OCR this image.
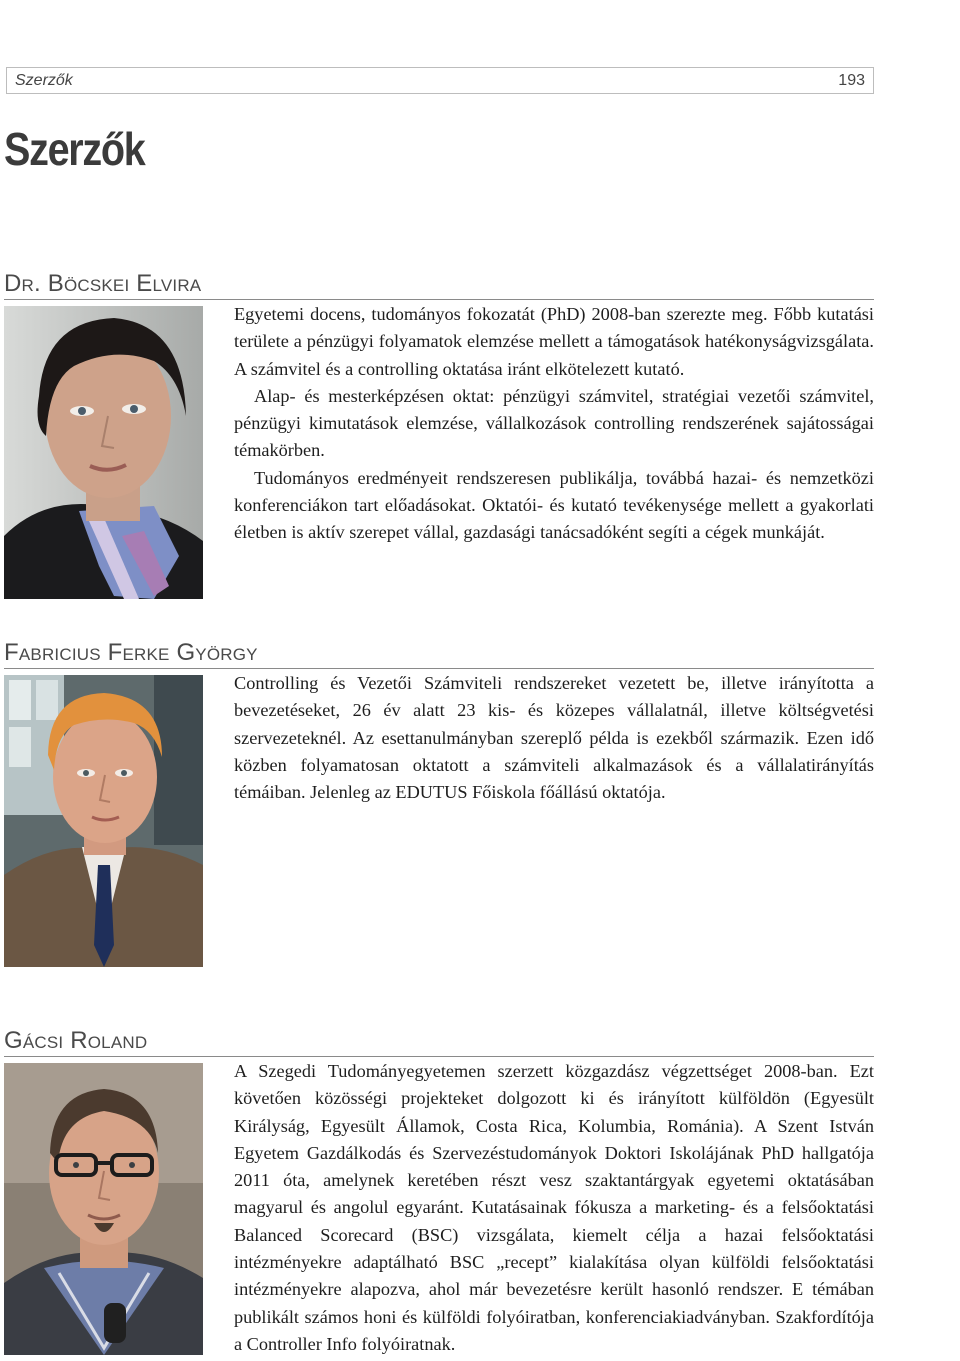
Szerzők	193
Szerzők
Dr. Böcskei Elvira

Egyetemi docens, tudományos fokozatát (PhD) 2008-ban szerezte meg. Főbb kutatási területe a pénzügyi folyamatok elemzése mellett a támogatások hatékonyságvizsgálata. A számvitel és a controlling oktatása iránt elkötelezett kutató.

Alap- és mesterképzésen oktat: pénzügyi számvitel, stratégiai vezetői számvitel, pénzügyi kimutatások elemzése, vállalkozások controlling rendszerének sajátosságai témakörben.

Tudományos eredményeit rendszeresen publikálja, továbbá hazai- és nemzetközi konferenciákon tart előadásokat. Oktatói- és kutató tevékenysége mellett a gyakorlati életben is aktív szerepet vállal, gazdasági tanácsadóként segíti a cégek munkáját.

Fabricius Ferke György

Controlling és Vezetői Számviteli rendszereket vezetett be, illetve irányította a bevezetéseket, 26 év alatt 23 kis- és közepes vállalatnál, illetve költségvetési szervezeteknél. Az esettanulmányban szereplő példa is ezekből származik. Ezen idő közben folyamatosan oktatott a számviteli alkalmazások és a vállalatirányítás témáiban. Jelenleg az EDUTUS Főiskola főállású oktatója.

Gácsi Roland

A Szegedi Tudományegyetemen szerzett közgazdász végzettséget 2008-ban. Ezt követően közösségi projekteket dolgozott ki és irányított külföldön (Egyesült Királyság, Egyesült Államok, Costa Rica, Kolumbia, Románia). A Szent István Egyetem Gazdálkodás és Szervezéstudományok Doktori Iskolájának PhD hallgatója 2011 óta, amelynek keretében részt vesz szaktantárgyak egyetemi oktatásában magyarul és angolul egyaránt. Kutatásainak fókusza a marketing- és a felsőoktatási Balanced Scorecard (BSC) vizsgálata, kiemelt célja a hazai felsőoktatási intézményekre adaptálható BSC „recept” kialakítása olyan külföldi felsőoktatási intézményekre alapozva, ahol már bevezetésre került hasonló rendszer. E témában publikált számos honi és külföldi folyóiratban, konferenciakiadványban. Szakfordítója a Controller Info folyóiratnak.
